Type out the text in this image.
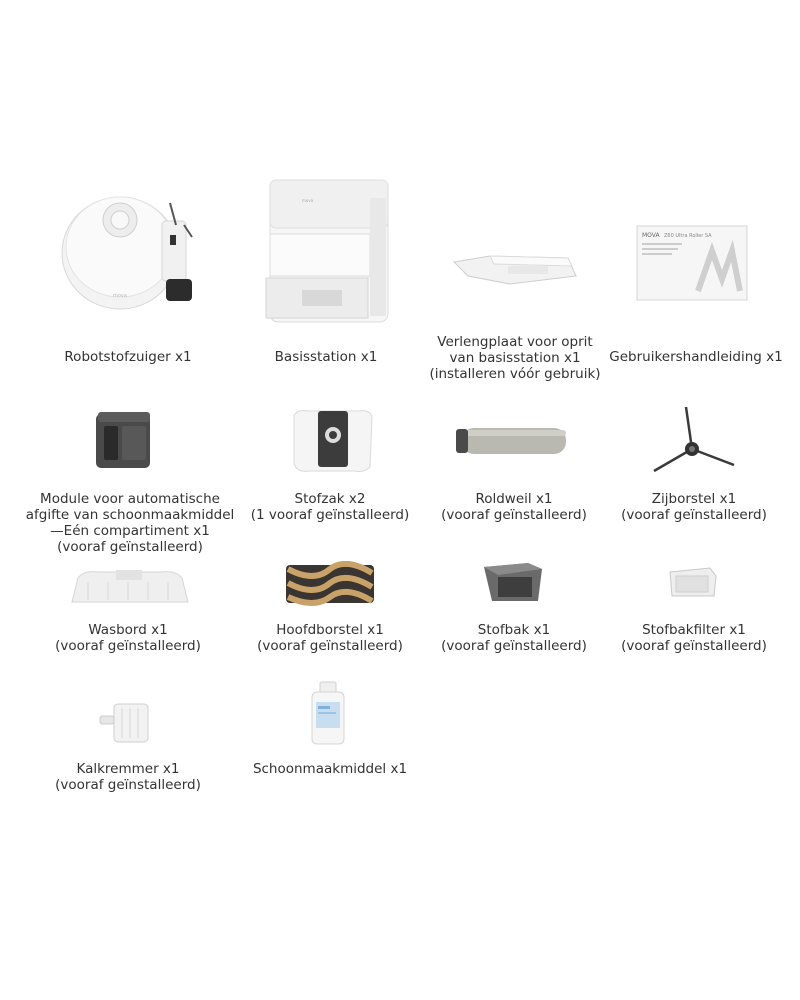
mova
Robotstofzuiger x1
mova
Basisstation x1
Verlengplaat voor oprit
van basisstation x1
(installeren vóór gebruik)
MOVA Z60 Ultra Roller SA
Gebruikershandleiding x1
Module voor automatische
afgifte van schoonmaakmiddel
—Eén compartiment x1
(vooraf geïnstalleerd)
Stofzak x2
(1 vooraf geïnstalleerd)
Roldweil x1
(vooraf geïnstalleerd)
Zijborstel x1
(vooraf geïnstalleerd)
Wasbord x1
(vooraf geïnstalleerd)
Hoofdborstel x1
(vooraf geïnstalleerd)
Stofbak x1
(vooraf geïnstalleerd)
Stofbakfilter x1
(vooraf geïnstalleerd)
Kalkremmer x1
(vooraf geïnstalleerd)
Schoonmaakmiddel x1
